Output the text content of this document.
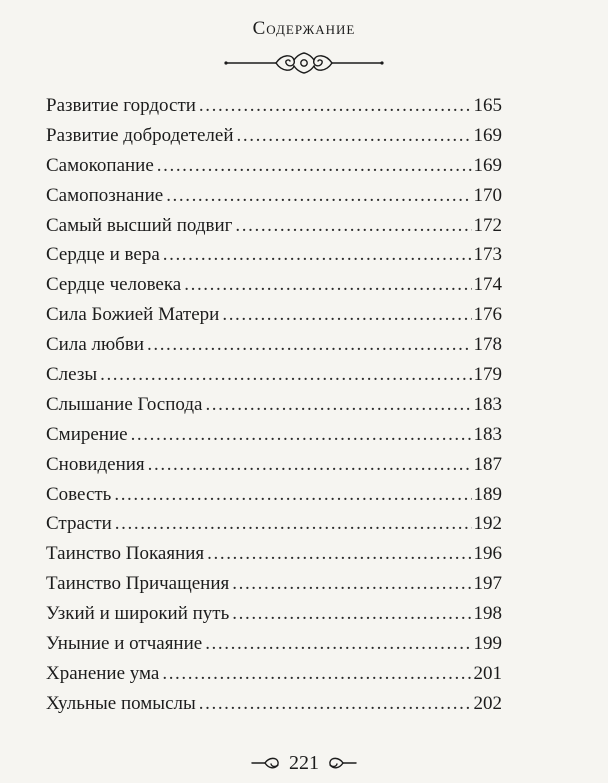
Содержание
Развитие гордости .....	165
Развитие добродетелей .....	169
Самокопание .....	169
Самопознание .....	170
Самый высший подвиг .....	172
Сердце и вера .....	173
Сердце человека .....	174
Сила Божией Матери .....	176
Сила любви .....	178
Слезы .....	179
Слышание Господа .....	183
Смирение .....	183
Сновидения .....	187
Совесть .....	189
Страсти .....	192
Таинство Покаяния .....	196
Таинство Причащения .....	197
Узкий и широкий путь .....	198
Уныние и отчаяние .....	199
Хранение ума .....	201
Хульные помыслы .....	202
221
